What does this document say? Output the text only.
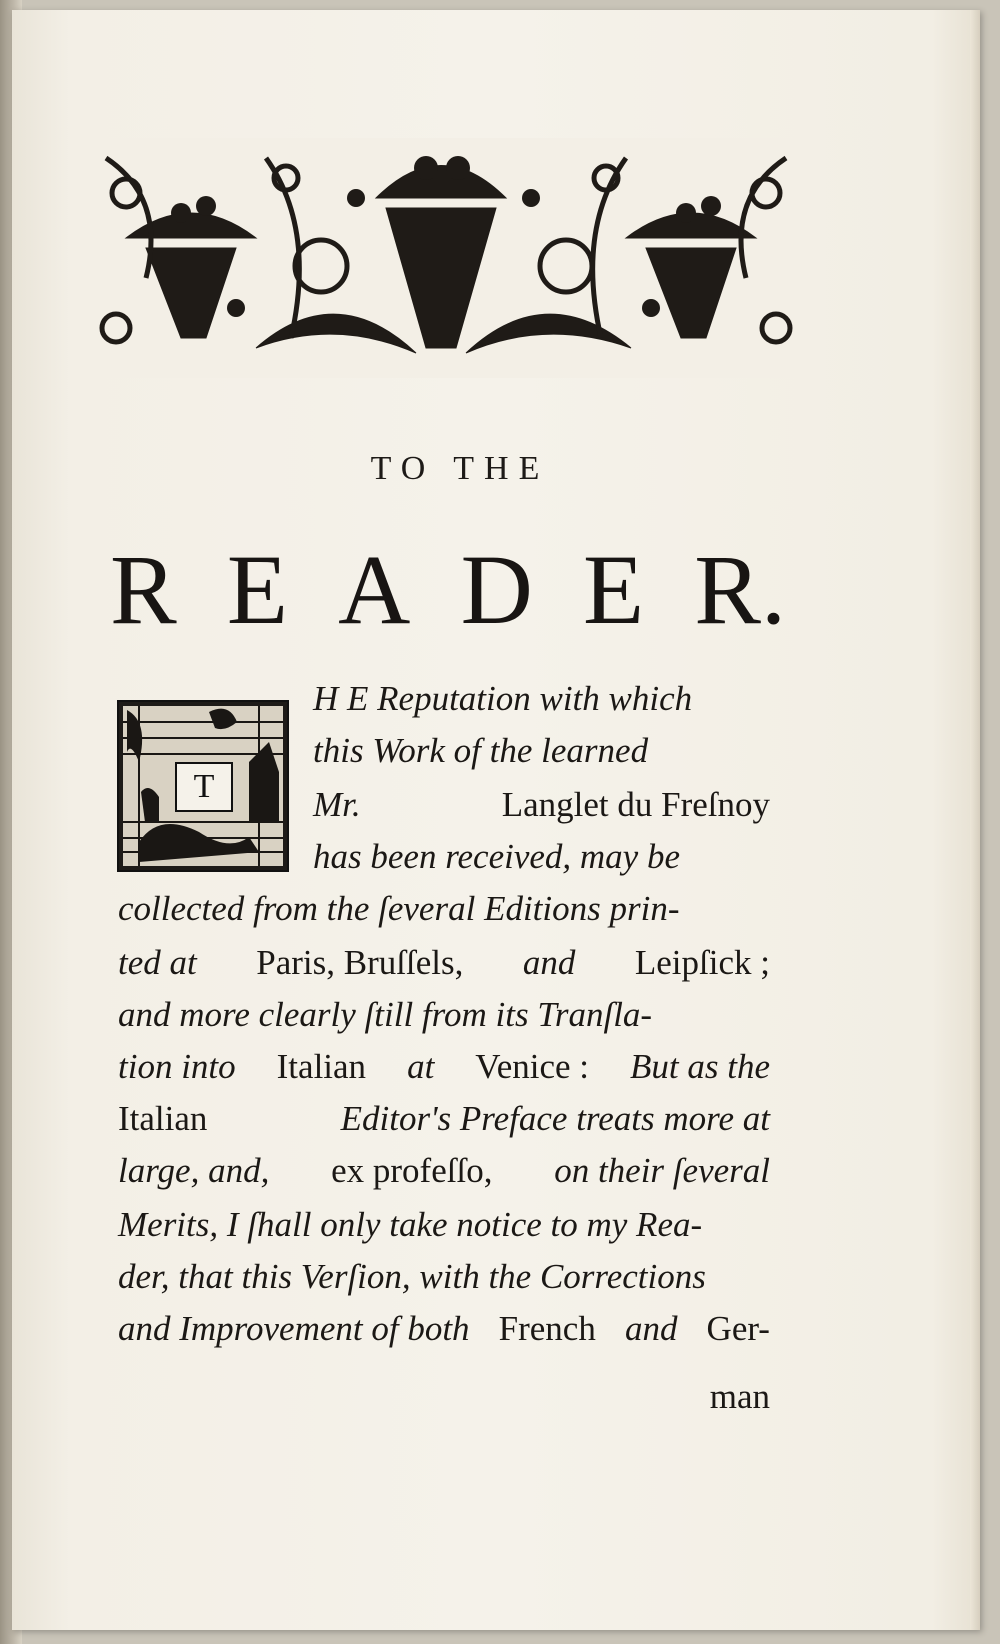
TO THE
R E A D E R.
T
H E Reputation with which
this Work of the learned
Mr.	Langlet du Freſnoy
has been received, may be
collected from the ſeveral Editions prin-
ted at Paris, Bruſſels, and Leipſick ;
and more clearly ſtill from its Tranſla-
tion into Italian at Venice : But as the
Italian	Editor's Preface treats more at
large, and, ex profeſſo, on their ſeveral
Merits, I ſhall only take notice to my Rea-
der, that this Verſion, with the Corrections
and Improvement of both French and Ger-
man
